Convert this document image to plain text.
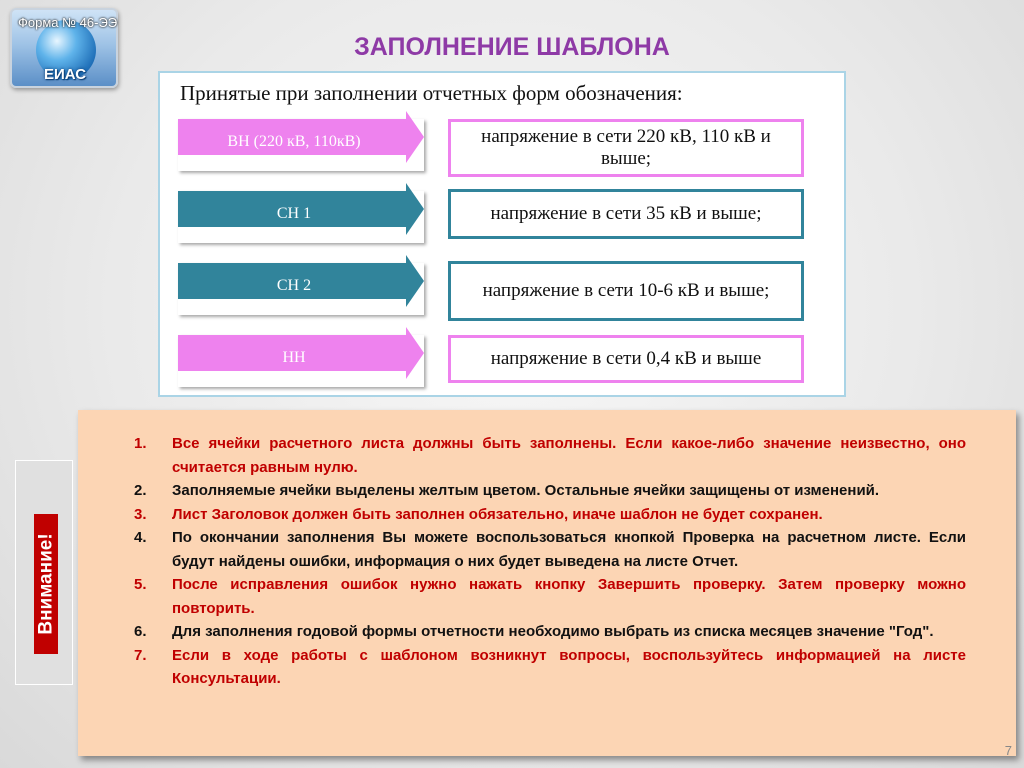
ЕИАС
Форма № 46-ЭЭ
ЗАПОЛНЕНИЕ ШАБЛОНА
Принятые при заполнении отчетных форм обозначения:
ВН (220 кВ, 110кВ)	напряжение в сети 220 кВ, 110 кВ и выше;
СН 1	напряжение в сети 35 кВ и выше;
СН 2	напряжение в сети 10-6 кВ и выше;
НН	напряжение в сети 0,4 кВ и выше
Внимание!
1. Все ячейки расчетного листа должны быть заполнены. Если какое-либо значение неизвестно, оно считается равным нулю.
2. Заполняемые ячейки выделены желтым цветом. Остальные ячейки защищены от изменений.
3. Лист Заголовок должен быть заполнен обязательно, иначе шаблон не будет сохранен.
4. По окончании заполнения Вы можете воспользоваться кнопкой Проверка на расчетном листе. Если будут найдены ошибки, информация о них будет выведена на листе Отчет.
5. После исправления ошибок нужно нажать кнопку Завершить проверку. Затем проверку можно повторить.
6. Для заполнения годовой формы отчетности необходимо выбрать из списка месяцев значение "Год".
7. Если в ходе работы с шаблоном возникнут вопросы, воспользуйтесь информацией на листе Консультации.
7
